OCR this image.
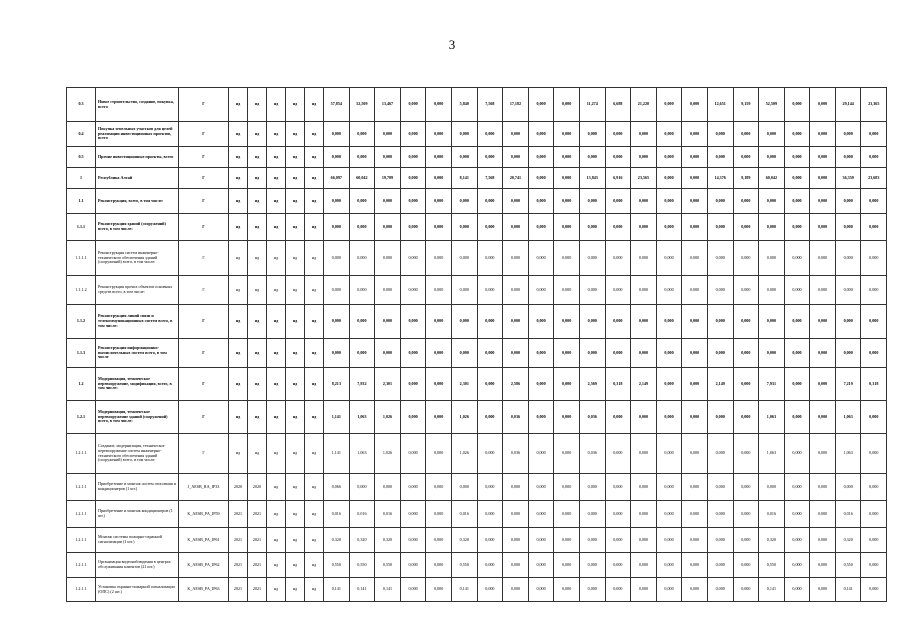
3
0.3	Новое строительство, создание, покупка, всего	Г	нд	нд	нд	нд	нд	57,854	52,509	13,467	0,000	0,000	5,840	7,568	17,182	0,000	0,000	11,274	6,688	21,220	0,000	0,000	12,651	9,159	52,509	0,000	0,000	29,144	23,365
0.4	Покупка земельных участков для целей реализации инвестиционных проектов, всего	Г	нд	нд	нд	нд	нд	0,000	0,000	0,000	0,000	0,000	0,000	0,000	0,000	0,000	0,000	0,000	0,000	0,000	0,000	0,000	0,000	0,000	0,000	0,000	0,000	0,000	0,000
0.5	Прочие инвестиционные проекты, всего	Г	нд	нд	нд	нд	нд	0,000	0,000	0,000	0,000	0,000	0,000	0,000	0,000	0,000	0,000	0,000	0,000	0,000	0,000	0,000	0,000	0,000	0,000	0,000	0,000	0,000	0,000
1	Республика Алтай	Г	нд	нд	нд	нд	нд	66,097	60,042	19,709	0,000	0,000	8,141	7,568	20,741	0,000	0,000	13,843	6,916	23,565	0,000	0,000	14,376	9,189	60,042	0,000	0,000	36,359	23,683
1.1	Реконструкция, всего, в том числе:	Г	нд	нд	нд	нд	нд	0,000	0,000	0,000	0,000	0,000	0,000	0,000	0,000	0,000	0,000	0,000	0,000	0,000	0,000	0,000	0,000	0,000	0,000	0,000	0,000	0,000	0,000
1.1.1	Реконструкция зданий (сооружений) всего, в том числе:	Г	нд	нд	нд	нд	нд	0,000	0,000	0,000	0,000	0,000	0,000	0,000	0,000	0,000	0,000	0,000	0,000	0,000	0,000	0,000	0,000	0,000	0,000	0,000	0,000	0,000	0,000
1.1.1.1	Реконструкция систем инженерно-технического обеспечения зданий (сооружений) всего, в том числе:	Г	нд	нд	нд	нд	нд	0,000	0,000	0,000	0,000	0,000	0,000	0,000	0,000	0,000	0,000	0,000	0,000	0,000	0,000	0,000	0,000	0,000	0,000	0,000	0,000	0,000	0,000
1.1.1.2	Реконструкция прочих объектов основных средств всего, в том числе:	Г	нд	нд	нд	нд	нд	0,000	0,000	0,000	0,000	0,000	0,000	0,000	0,000	0,000	0,000	0,000	0,000	0,000	0,000	0,000	0,000	0,000	0,000	0,000	0,000	0,000	0,000
1.1.2	Реконструкция линий связи и телекоммуникационных систем всего, в том числе:	Г	нд	нд	нд	нд	нд	0,000	0,000	0,000	0,000	0,000	0,000	0,000	0,000	0,000	0,000	0,000	0,000	0,000	0,000	0,000	0,000	0,000	0,000	0,000	0,000	0,000	0,000
1.1.3	Реконструкция информационно-вычислительных систем всего, в том числе	Г	нд	нд	нд	нд	нд	0,000	0,000	0,000	0,000	0,000	0,000	0,000	0,000	0,000	0,000	0,000	0,000	0,000	0,000	0,000	0,000	0,000	0,000	0,000	0,000	0,000	0,000
1.2	Модернизация, техническое перевооружение, модификация, всего, в том числе:	Г	нд	нд	нд	нд	нд	8,213	7,932	2,301	0,000	0,000	2,301	0,000	2,586	0,000	0,000	2,569	0,318	2,149	0,000	0,000	2,149	0,000	7,931	0,000	0,000	7,219	0,318
1.2.1	Модернизация, техническое перевооружение зданий (сооружений) всего, в том числе:	Г	нд	нд	нд	нд	нд	1,141	1,063	1,026	0,000	0,000	1,026	0,000	0,036	0,000	0,000	0,036	0,000	0,000	0,000	0,000	0,000	0,000	1,063	0,000	0,000	1,063	0,000
1.2.1.1	Создание, модернизация, техническое перевооружение систем инженерно-технического обеспечения зданий (сооружений) всего, в том числе:	Г	нд	нд	нд	нд	нд	1,141	1,063	1,026	0,000	0,000	1,026	0,000	0,036	0,000	0,000	0,036	0,000	0,000	0,000	0,000	0,000	0,000	1,063	0,000	0,000	1,063	0,000
1.2.1.1	Приобретение и монтаж систем отопления и кондиционеров (1 шт.)	J_AESB_RA_IP33	2020	2020	нд	нд	нд	0,066	0,000	0,000	0,000	0,000	0,000	0,000	0,000	0,000	0,000	0,000	0,000	0,000	0,000	0,000	0,000	0,000	0,000	0,000	0,000	0,000	0,000
1.2.1.1	Приобретение и монтаж кондиционеров (1 шт.)	K_AESB_PA_IP59	2021	2021	нд	нд	нд	0,016	0,016	0,016	0,000	0,000	0,016	0,000	0,000	0,000	0,000	0,000	0,000	0,000	0,000	0,000	0,000	0,000	0,016	0,000	0,000	0,016	0,000
1.2.1.1	Монтаж системы пожарно-охранной сигнализации (1 шт.)	K_AESB_PA_IP61	2021	2021	нд	нд	нд	0,320	0,320	0,320	0,000	0,000	0,320	0,000	0,000	0,000	0,000	0,000	0,000	0,000	0,000	0,000	0,000	0,000	0,320	0,000	0,000	0,320	0,000
1.2.1.1	Организация видеонаблюдения в центрах обслуживания клиентов (21 шт.)	K_AESB_PA_IP62	2021	2021	нд	нд	нд	0,550	0,550	0,550	0,000	0,000	0,550	0,000	0,000	0,000	0,000	0,000	0,000	0,000	0,000	0,000	0,000	0,000	0,550	0,000	0,000	0,550	0,000
1.2.1.1	Установка охранно-пожарной сигнализации (ОПС) (2 шт.)	K_AESB_PA_IP63	2021	2021	нд	нд	нд	0,141	0,141	0,141	0,000	0,000	0,141	0,000	0,000	0,000	0,000	0,000	0,000	0,000	0,000	0,000	0,000	0,000	0,141	0,000	0,000	0,141	0,000
